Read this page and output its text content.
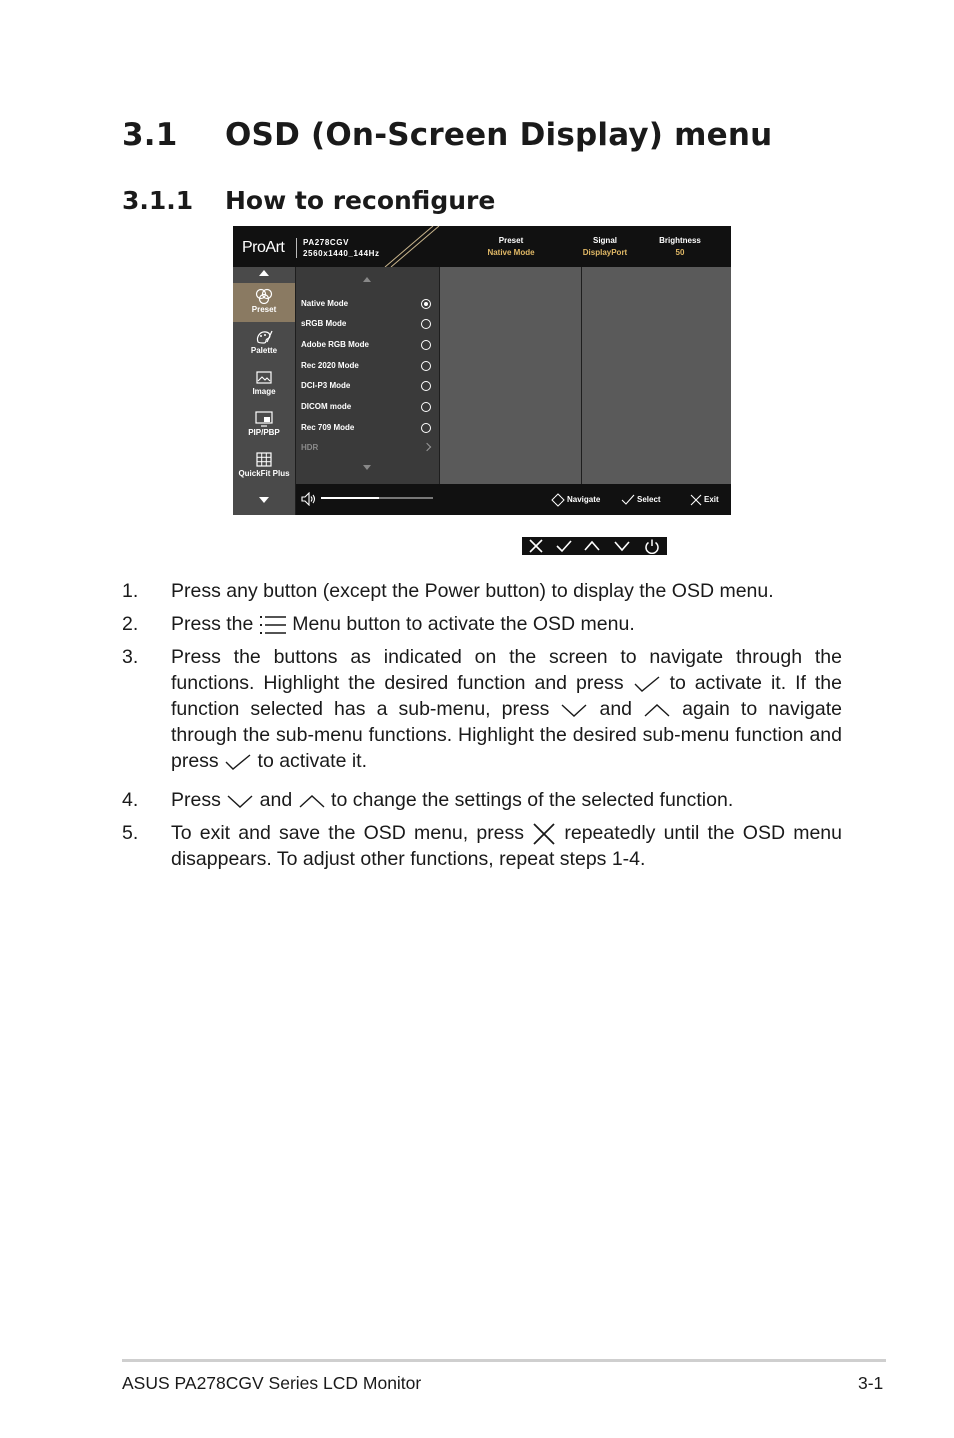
3.1 OSD (On-Screen Display) menu
3.1.1 How to reconfigure
ProArt PA278CGV
2560x1440_144Hz
Preset
Native Mode
Signal
DisplayPort
Brightness
50
Preset
Palette
Image
PIP/PBP
QuickFit Plus
Native Mode
sRGB Mode
Adobe RGB Mode
Rec 2020 Mode
DCI-P3 Mode
DICOM mode
Rec 709 Mode
HDR
Navigate	Select	Exit
1. Press any button (except the Power button) to display the OSD menu.
2. Press the  Menu button to activate the OSD menu.
3. Press the buttons as indicated on the screen to navigate through the functions. Highlight the desired function and press  to activate it. If the function selected has a sub-menu, press  and  again to navigate through the sub-menu functions. Highlight the desired sub-menu function and press  to activate it.
4. Press  and  to change the settings of the selected function.
5. To exit and save the OSD menu, press  repeatedly until the OSD menu disappears. To adjust other functions, repeat steps 1-4.
ASUS PA278CGV Series LCD Monitor	3-1
